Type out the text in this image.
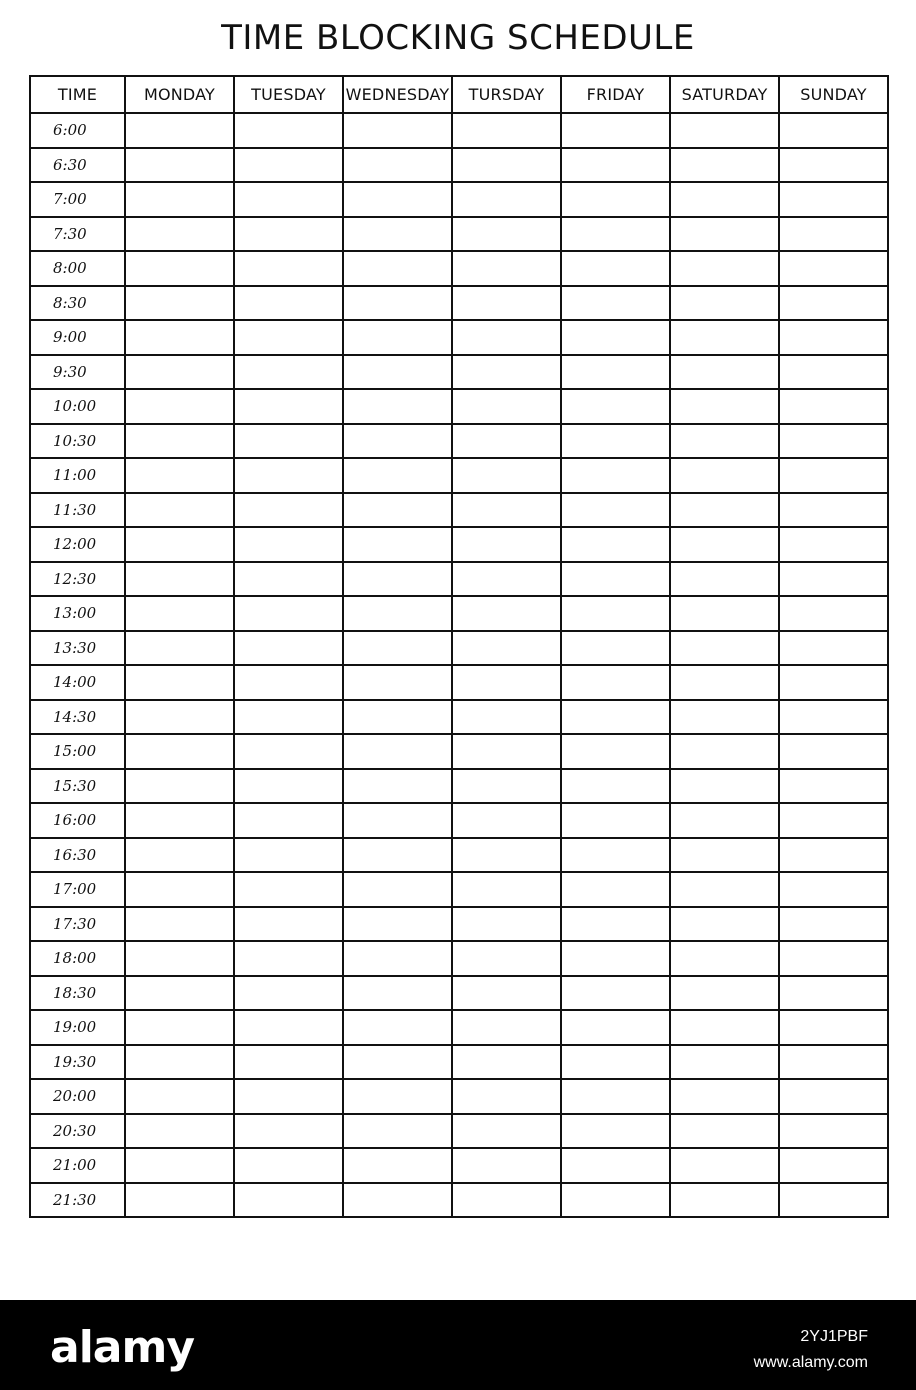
TIME BLOCKING SCHEDULE
TIME	MONDAY	TUESDAY	WEDNESDAY	TURSDAY	FRIDAY	SATURDAY	SUNDAY
6:00							
6:30							
7:00							
7:30							
8:00							
8:30							
9:00							
9:30							
10:00							
10:30							
11:00							
11:30							
12:00							
12:30							
13:00							
13:30							
14:00							
14:30							
15:00							
15:30							
16:00							
16:30							
17:00							
17:30							
18:00							
18:30							
19:00							
19:30							
20:00							
20:30							
21:00							
21:30							
alamy	2YJ1PBF
www.alamy.com
